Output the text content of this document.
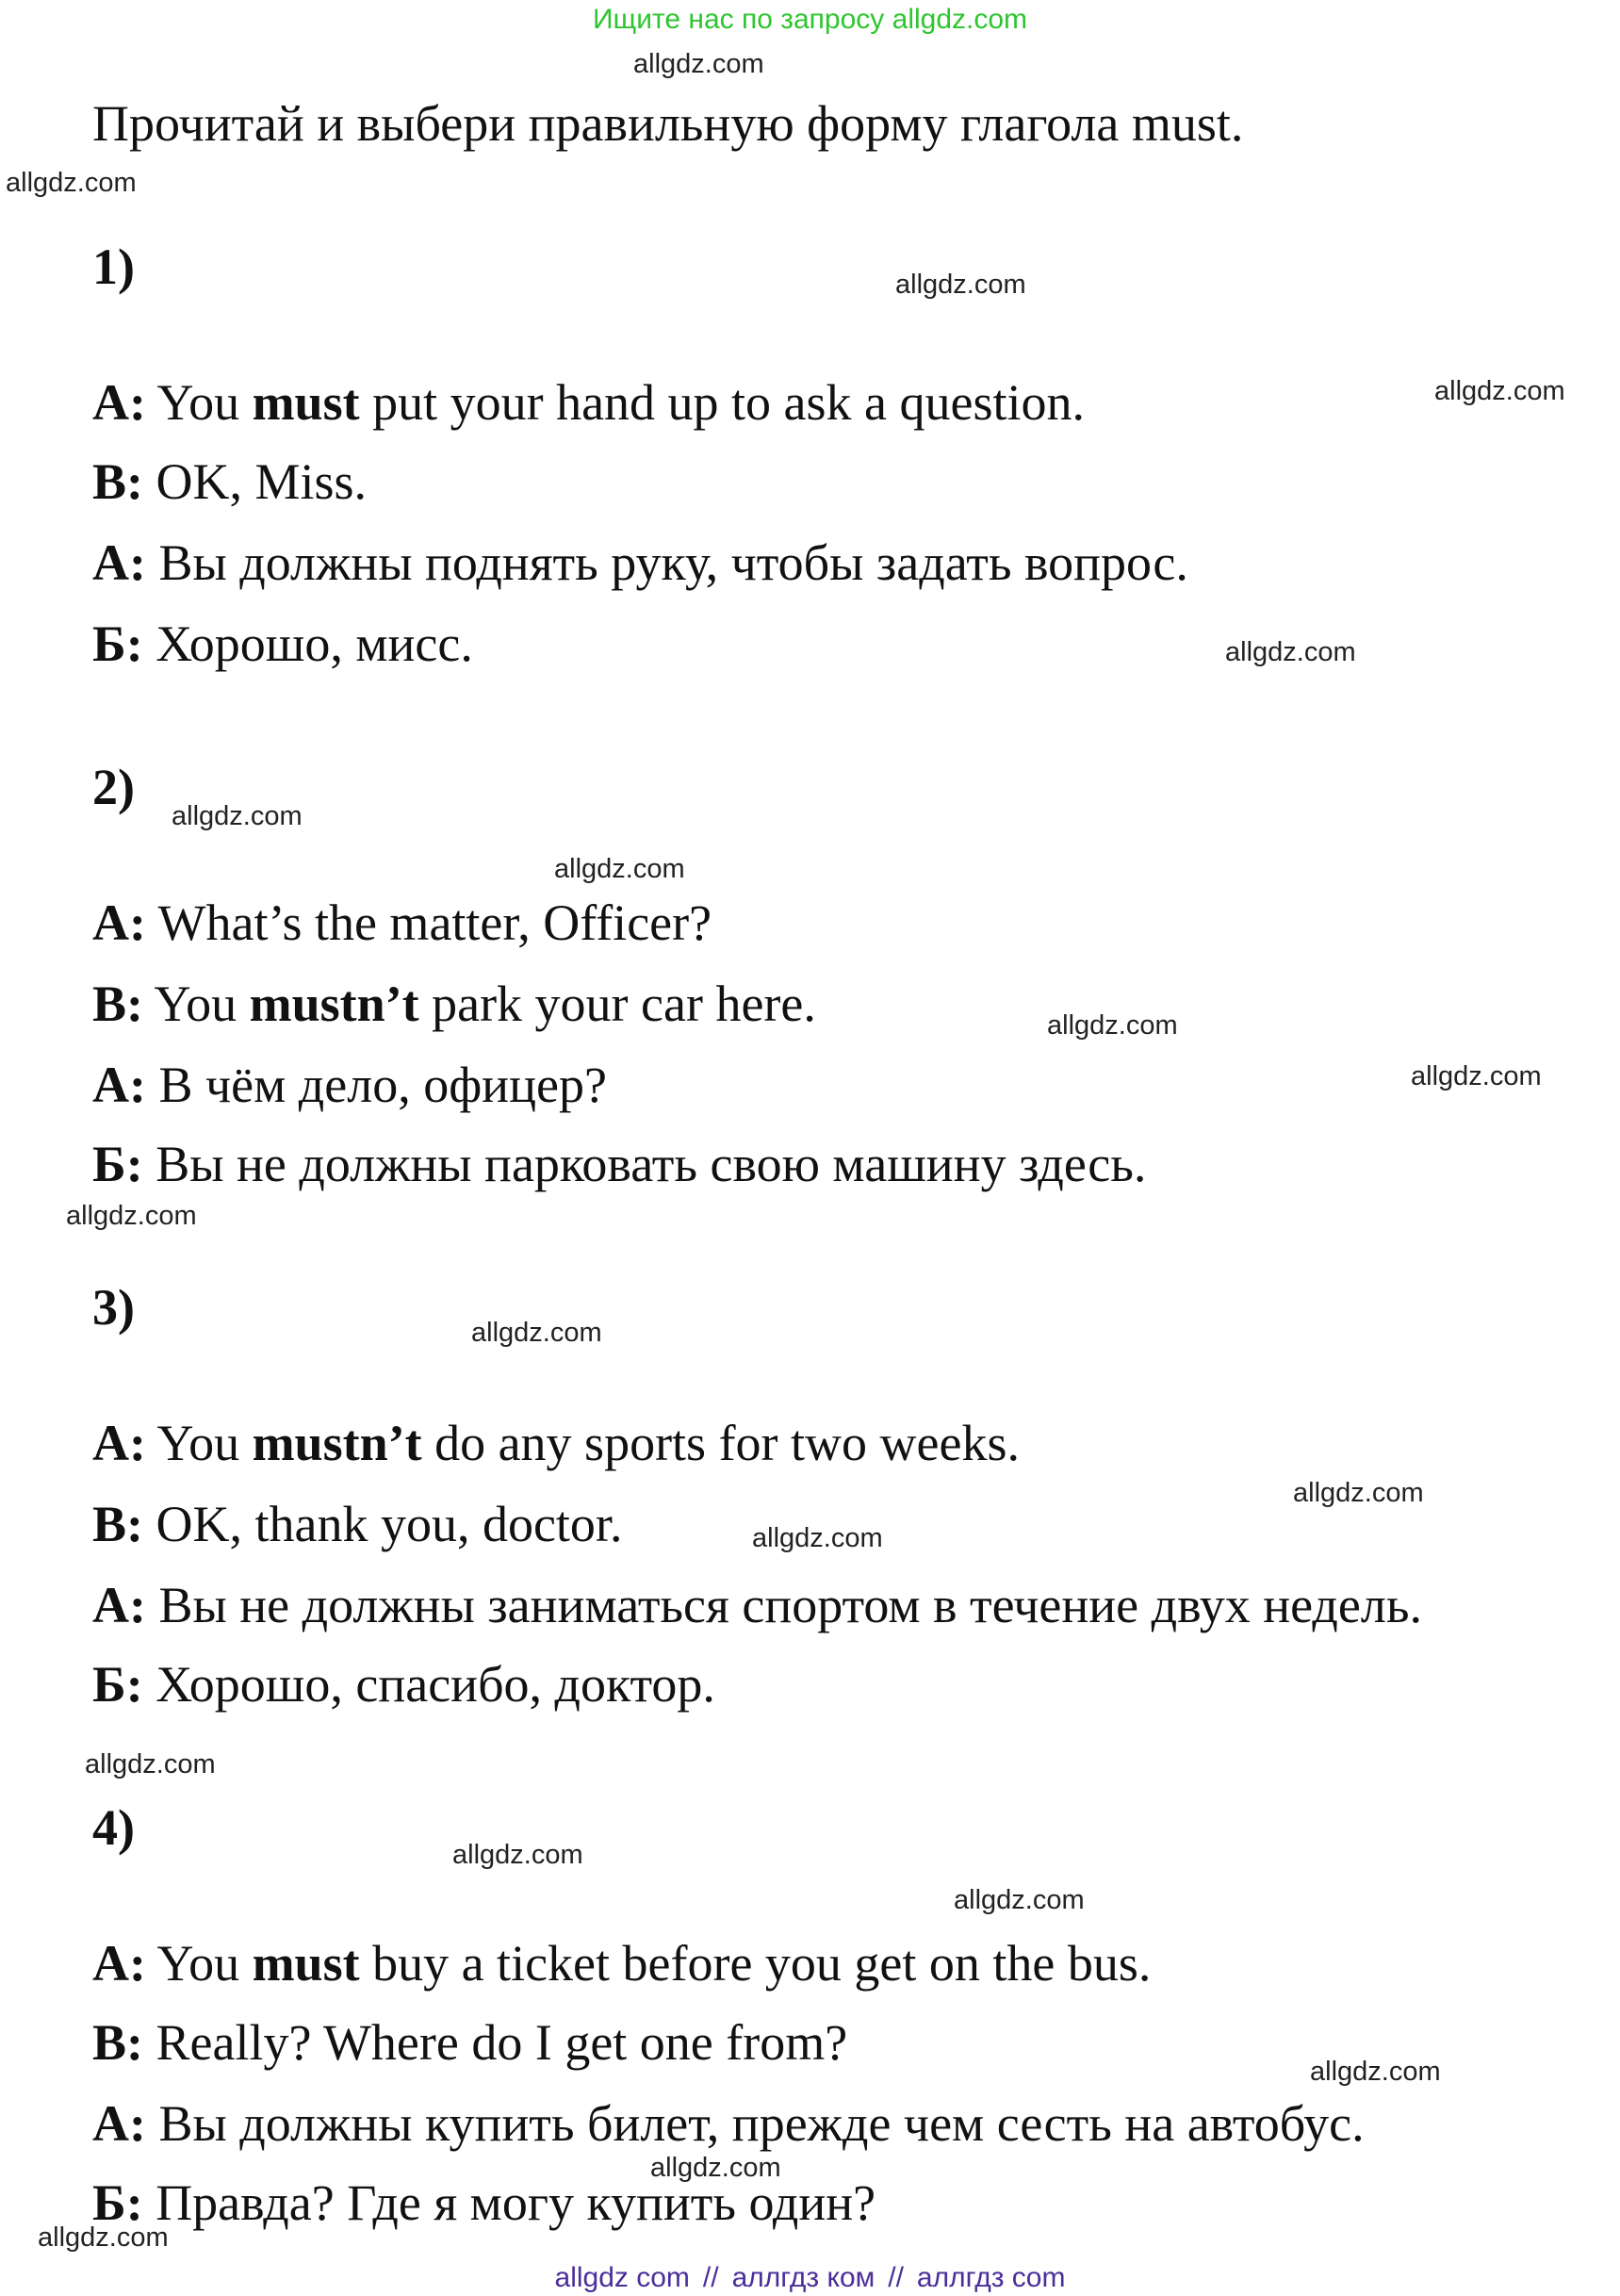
Ищите нас по запросу allgdz.com
allgdz.com
allgdz.com
allgdz.com
allgdz.com
allgdz.com
allgdz.com
allgdz.com
allgdz.com
allgdz.com
allgdz.com
allgdz.com
allgdz.com
allgdz.com
allgdz.com
allgdz.com
allgdz.com
allgdz.com
allgdz.com
allgdz.com
Прочитай и выбери правильную форму глагола must.
1)
A: You must put your hand up to ask a question.
B: OK, Miss.
А: Вы должны поднять руку, чтобы задать вопрос.
Б: Хорошо, мисс.
2)
A: What’s the matter, Officer?
B: You mustn’t park your car here.
А: В чём дело, офицер?
Б: Вы не должны парковать свою машину здесь.
3)
A: You mustn’t do any sports for two weeks.
B: OK, thank you, doctor.
А: Вы не должны заниматься спортом в течение двух недель.
Б: Хорошо, спасибо, доктор.
4)
A: You must buy a ticket before you get on the bus.
B: Really? Where do I get one from?
А: Вы должны купить билет, прежде чем сесть на автобус.
Б: Правда? Где я могу купить один?
allgdz com // аллгдз ком // аллгдз com
